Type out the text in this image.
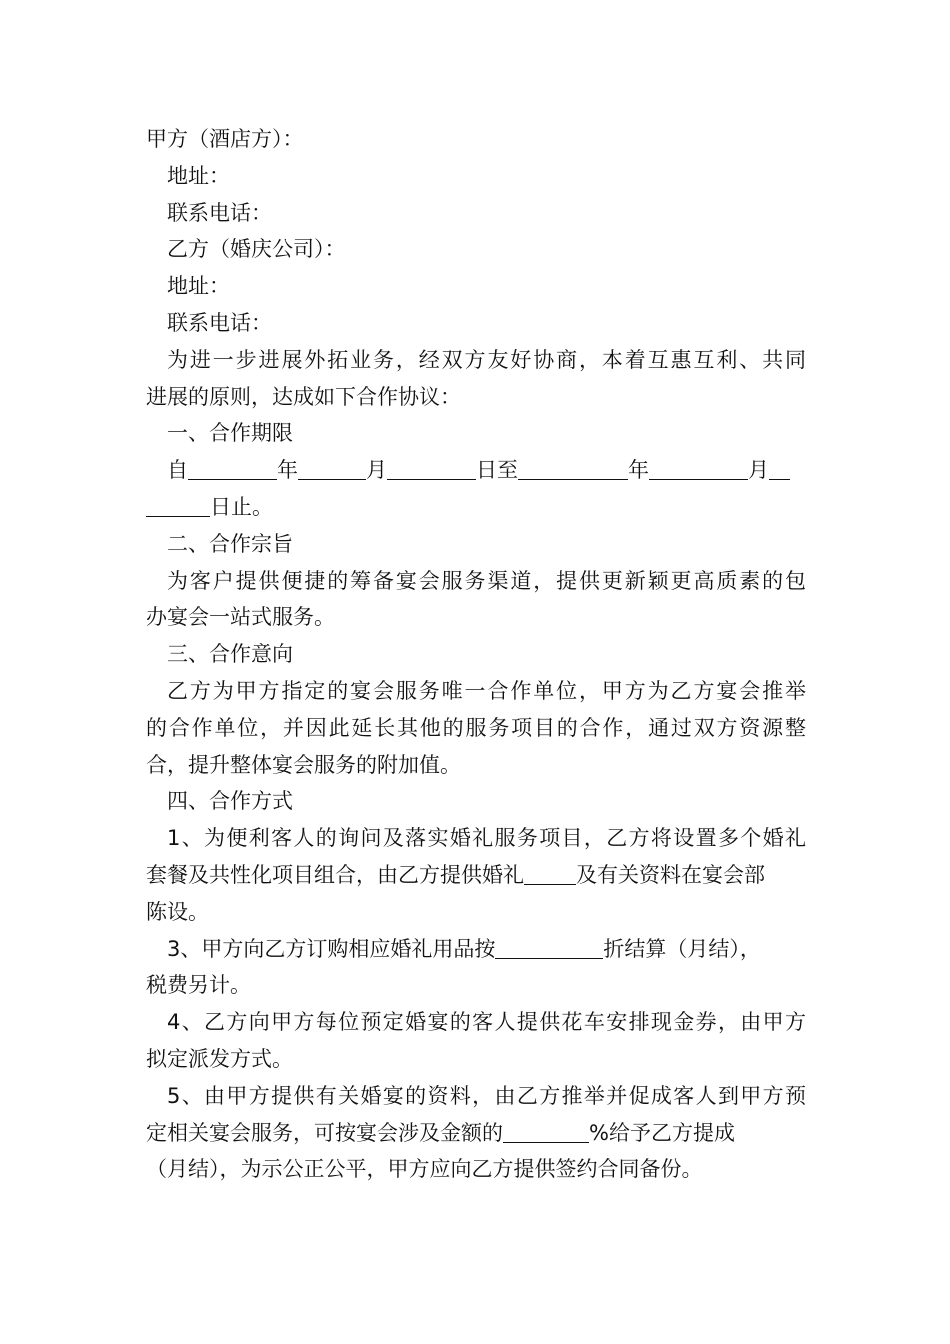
甲方（酒店方）：
地址：
联系电话：
乙方（婚庆公司）：
地址：
联系电话：
为进一步进展外拓业务，经双方友好协商，本着互惠互利、共同
进展的原则，达成如下合作协议：
一、合作期限
自	年	月	日至	年	月
日止。
二、合作宗旨
为客户提供便捷的筹备宴会服务渠道，提供更新颖更高质素的包
办宴会一站式服务。
三、合作意向
乙方为甲方指定的宴会服务唯一合作单位，甲方为乙方宴会推举
的合作单位，并因此延长其他的服务项目的合作，通过双方资源整
合，提升整体宴会服务的附加值。
四、合作方式
1、为便利客人的询问及落实婚礼服务项目，乙方将设置多个婚礼
套餐及共性化项目组合，由乙方提供婚礼 及有关资料在宴会部
陈设。
3、甲方向乙方订购相应婚礼用品按	折结算（月结），
税费另计。
4、乙方向甲方每位预定婚宴的客人提供花车安排现金券，由甲方
拟定派发方式。
5、由甲方提供有关婚宴的资料，由乙方推举并促成客人到甲方预
定相关宴会服务，可按宴会涉及金额的	%给予乙方提成
（月结），为示公正公平，甲方应向乙方提供签约合同备份。
